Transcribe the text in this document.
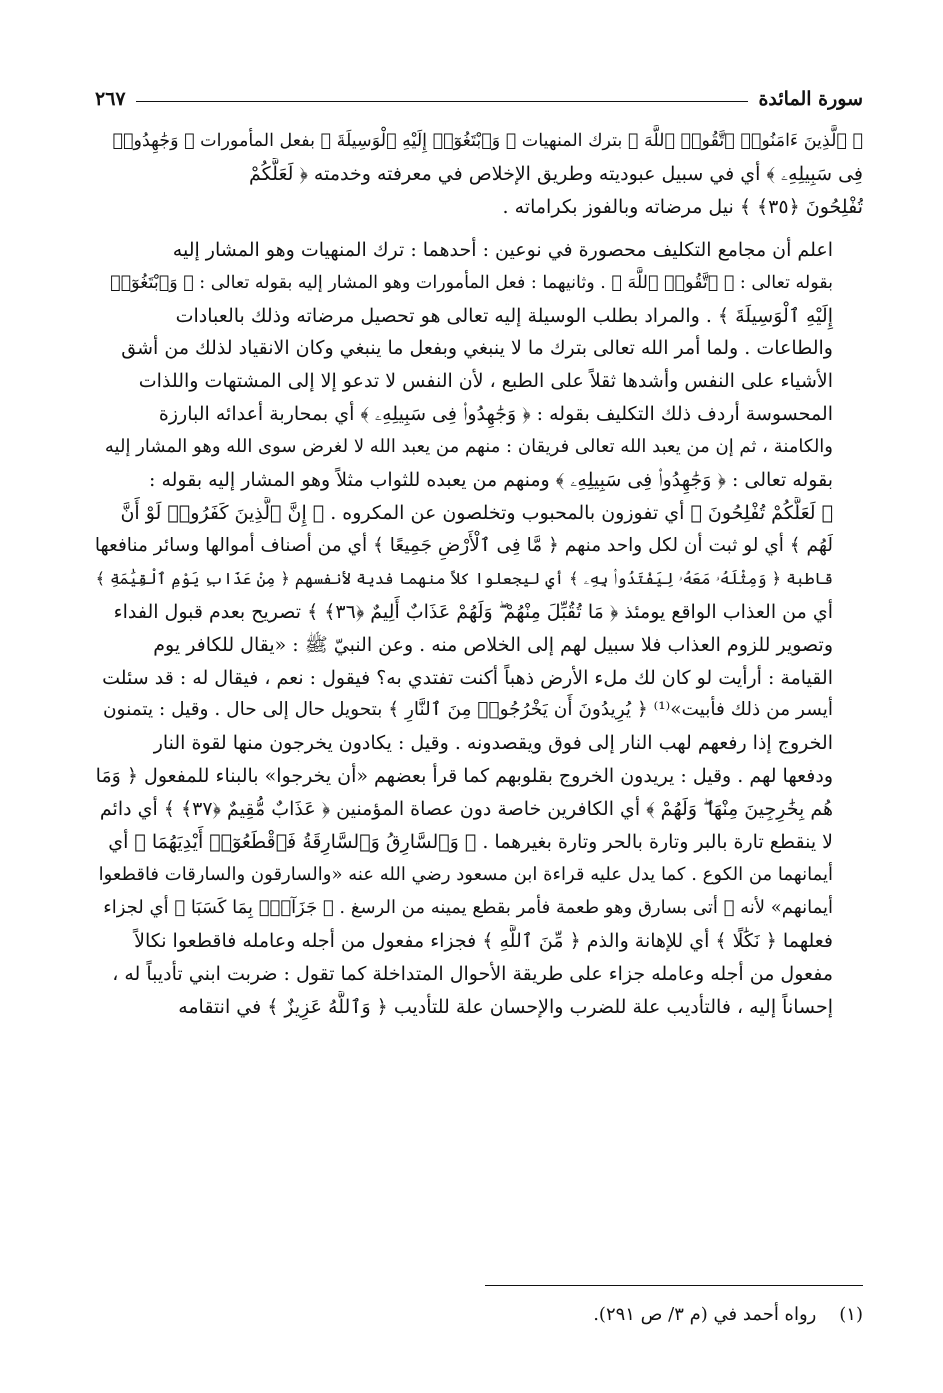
سورة المائدة
٢٦٧

﴿ ٱلَّذِينَ ءَامَنُوا۟ ٱتَّقُوا۟ ٱللَّهَ ﴾ بترك المنهيات ﴿ وَٱبْتَغُوٓا۟ إِلَيْهِ ٱلْوَسِيلَةَ ﴾ بفعل المأمورات ﴿ وَجَٰهِدُوا۟
فِى سَبِيلِهِۦ ﴾ أي في سبيل عبوديته وطريق الإخلاص في معرفته وخدمته ﴿ لَعَلَّكُمْ
تُفْلِحُونَ ﴿٣٥﴾ ﴾ نيل مرضاته وبالفوز بكراماته .

اعلم أن مجامع التكليف محصورة في نوعين : أحدهما : ترك المنهيات وهو المشار إليه
بقوله تعالى : ﴿ ٱتَّقُوا۟ ٱللَّهَ ﴾ . وثانيهما : فعل المأمورات وهو المشار إليه بقوله تعالى : ﴿ وَٱبْتَغُوٓا۟
إِلَيْهِ ٱلْوَسِيلَةَ ﴾ . والمراد بطلب الوسيلة إليه تعالى هو تحصيل مرضاته وذلك بالعبادات
والطاعات . ولما أمر الله تعالى بترك ما لا ينبغي وبفعل ما ينبغي وكان الانقياد لذلك من أشق
الأشياء على النفس وأشدها ثقلاً على الطبع ، لأن النفس لا تدعو إلا إلى المشتهات واللذات
المحسوسة أردف ذلك التكليف بقوله : ﴿ وَجَٰهِدُوا۟ فِى سَبِيلِهِۦ ﴾ أي بمحاربة أعدائه البارزة
والكامنة ، ثم إن من يعبد الله تعالى فريقان : منهم من يعبد الله لا لغرض سوى الله وهو المشار إليه
بقوله تعالى : ﴿ وَجَٰهِدُوا۟ فِى سَبِيلِهِۦ ﴾ ومنهم من يعبده للثواب مثلاً وهو المشار إليه بقوله :
﴿ لَعَلَّكُمْ تُفْلِحُونَ ﴾ أي تفوزون بالمحبوب وتخلصون عن المكروه . ﴿ إِنَّ ٱلَّذِينَ كَفَرُوا۟ لَوْ أَنَّ
لَهُم ﴾ أي لو ثبت أن لكل واحد منهم ﴿ مَّا فِى ٱلْأَرْضِ جَمِيعًا ﴾ أي من أصناف أموالها وسائر منافعها
قاطبة ﴿ وَمِثْلَهُۥ مَعَهُۥ لِيَفْتَدُوا۟ بِهِۦ ﴾ أي ليجعلوا كلاً منهما فدية لأنفسهم ﴿ مِنْ عَذَابِ يَوْمِ ٱلْقِيَٰمَةِ ﴾
أي من العذاب الواقع يومئذ ﴿ مَا تُقُبِّلَ مِنْهُمْ ۖ وَلَهُمْ عَذَابٌ أَلِيمٌ ﴿٣٦﴾ ﴾ تصريح بعدم قبول الفداء
وتصوير للزوم العذاب فلا سبيل لهم إلى الخلاص منه . وعن النبيّ ﷺ : «يقال للكافر يوم
القيامة : أرأيت لو كان لك ملء الأرض ذهباً أكنت تفتدي به؟ فيقول : نعم ، فيقال له : قد سئلت
أيسر من ذلك فأبيت»⁽¹⁾ ﴿ يُرِيدُونَ أَن يَخْرُجُوا۟ مِنَ ٱلنَّارِ ﴾ بتحويل حال إلى حال . وقيل : يتمنون
الخروج إذا رفعهم لهب النار إلى فوق ويقصدونه . وقيل : يكادون يخرجون منها لقوة النار
ودفعها لهم . وقيل : يريدون الخروج بقلوبهم كما قرأ بعضهم «أن يخرجوا» بالبناء للمفعول ﴿ وَمَا
هُم بِخَٰرِجِينَ مِنْهَا ۖ وَلَهُمْ ﴾ أي الكافرين خاصة دون عصاة المؤمنين ﴿ عَذَابٌ مُّقِيمٌ ﴿٣٧﴾ ﴾ أي دائم
لا ينقطع تارة بالبر وتارة بالحر وتارة بغيرهما . ﴿ وَٱلسَّارِقُ وَٱلسَّارِقَةُ فَٱقْطَعُوٓا۟ أَيْدِيَهُمَا ﴾ أي
أيمانهما من الكوع . كما يدل عليه قراءة ابن مسعود رضي الله عنه «والسارقون والسارقات فاقطعوا
أيمانهم» لأنه ﷺ أتى بسارق وهو طعمة فأمر بقطع يمينه من الرسغ . ﴿ جَزَآءًۢ بِمَا كَسَبَا ﴾ أي لجزاء
فعلهما ﴿ نَكَٰلًا ﴾ أي للإهانة والذم ﴿ مِّنَ ٱللَّهِ ﴾ فجزاء مفعول من أجله وعامله فاقطعوا نكالاً
مفعول من أجله وعامله جزاء على طريقة الأحوال المتداخلة كما تقول : ضربت ابني تأديباً له ،
إحساناً إليه ، فالتأديب علة للضرب والإحسان علة للتأديب ﴿ وَٱللَّهُ عَزِيزٌ ﴾ في انتقامه

(١)    رواه أحمد في (م ٣/ ص ٢٩١).
